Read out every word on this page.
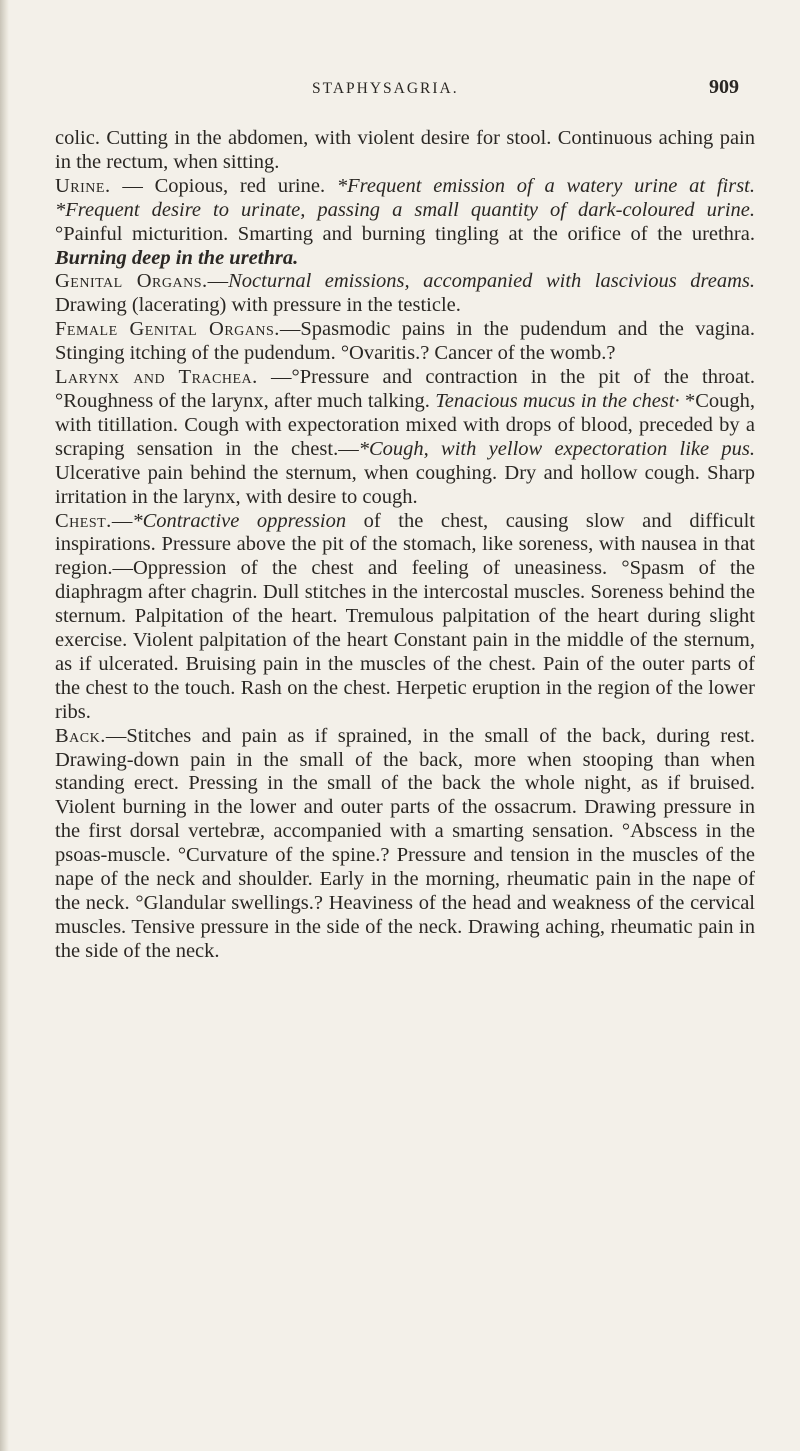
STAPHYSAGRIA.	909

colic. Cutting in the abdomen, with violent desire for stool. Continuous aching pain in the rectum, when sitting.

Urine. — Copious, red urine. *Frequent emission of a watery urine at first. *Frequent desire to urinate, passing a small quantity of dark-coloured urine. °Painful micturition. Smarting and burning tingling at the orifice of the urethra. Burning deep in the urethra.

Genital Organs.—Nocturnal emissions, accompanied with lascivious dreams. Drawing (lacerating) with pressure in the testicle.

Female Genital Organs.—Spasmodic pains in the pudendum and the vagina. Stinging itching of the pudendum. °Ovaritis.? Cancer of the womb.?

Larynx and Trachea. —°Pressure and contraction in the pit of the throat. °Roughness of the larynx, after much talking. Tenacious mucus in the chest· *Cough, with titillation. Cough with expectoration mixed with drops of blood, preceded by a scraping sensation in the chest.—*Cough, with yellow expectoration like pus. Ulcerative pain behind the sternum, when coughing. Dry and hollow cough. Sharp irritation in the larynx, with desire to cough.

Chest.—*Contractive oppression of the chest, causing slow and difficult inspirations. Pressure above the pit of the stomach, like soreness, with nausea in that region.—Oppression of the chest and feeling of uneasiness. °Spasm of the diaphragm after chagrin. Dull stitches in the intercostal muscles. Soreness behind the sternum. Palpitation of the heart. Tremulous palpitation of the heart during slight exercise. Violent palpitation of the heart Constant pain in the middle of the sternum, as if ulcerated. Bruising pain in the muscles of the chest. Pain of the outer parts of the chest to the touch. Rash on the chest. Herpetic eruption in the region of the lower ribs.

Back.—Stitches and pain as if sprained, in the small of the back, during rest. Drawing-down pain in the small of the back, more when stooping than when standing erect. Pressing in the small of the back the whole night, as if bruised. Violent burning in the lower and outer parts of the ossacrum. Drawing pressure in the first dorsal vertebræ, accompanied with a smarting sensation. °Abscess in the psoas-muscle. °Curvature of the spine.? Pressure and tension in the muscles of the nape of the neck and shoulder. Early in the morning, rheumatic pain in the nape of the neck. °Glandular swellings.? Heaviness of the head and weakness of the cervical muscles. Tensive pressure in the side of the neck. Drawing aching, rheumatic pain in the side of the neck.
